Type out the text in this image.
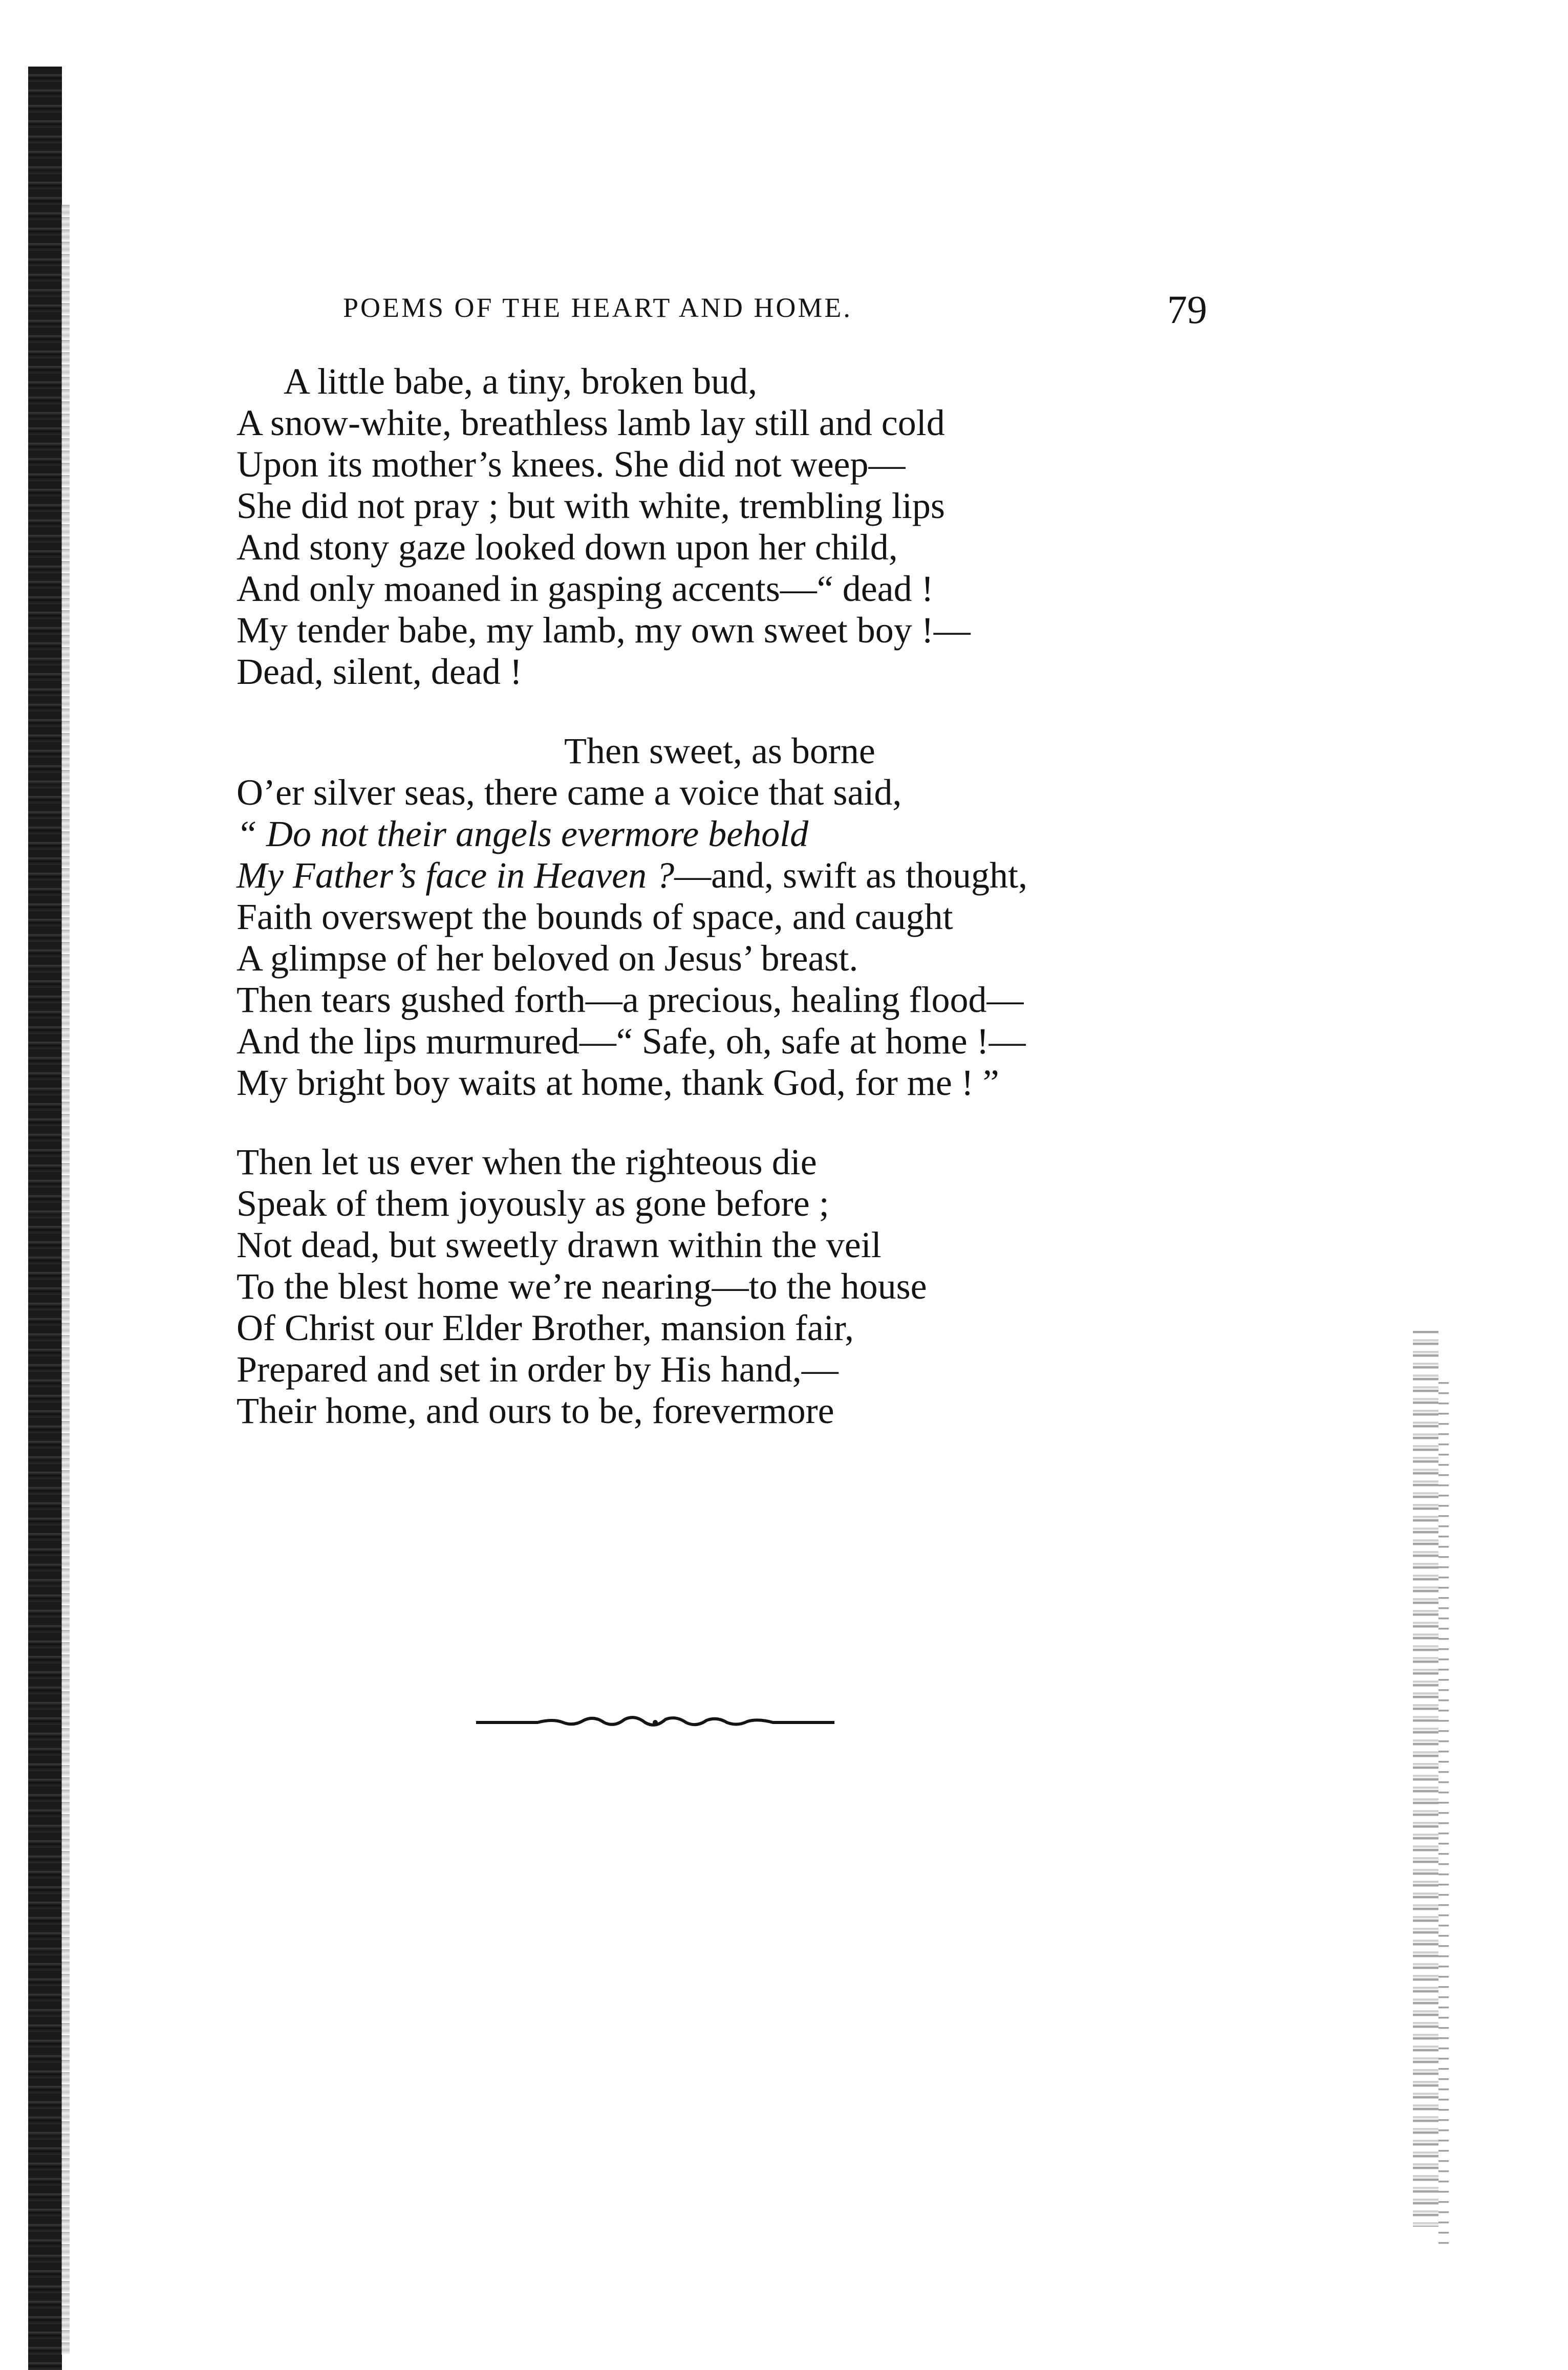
POEMS OF THE HEART AND HOME.	79
A little babe, a tiny, broken bud,
A snow-white, breathless lamb lay still and cold
Upon its mother’s knees. She did not weep—
She did not pray ; but with white, trembling lips
And stony gaze looked down upon her child,
And only moaned in gasping accents—“ dead !
My tender babe, my lamb, my own sweet boy !—
Dead, silent, dead !
Then sweet, as borne
O’er silver seas, there came a voice that said,
“ Do not their angels evermore behold
My Father’s face in Heaven ?—and, swift as thought,
Faith overswept the bounds of space, and caught
A glimpse of her beloved on Jesus’ breast.
Then tears gushed forth—a precious, healing flood—
And the lips murmured—“ Safe, oh, safe at home !—
My bright boy waits at home, thank God, for me ! ”
Then let us ever when the righteous die
Speak of them joyously as gone before ;
Not dead, but sweetly drawn within the veil
To the blest home we’re nearing—to the house
Of Christ our Elder Brother, mansion fair,
Prepared and set in order by His hand,—
Their home, and ours to be, forevermore
